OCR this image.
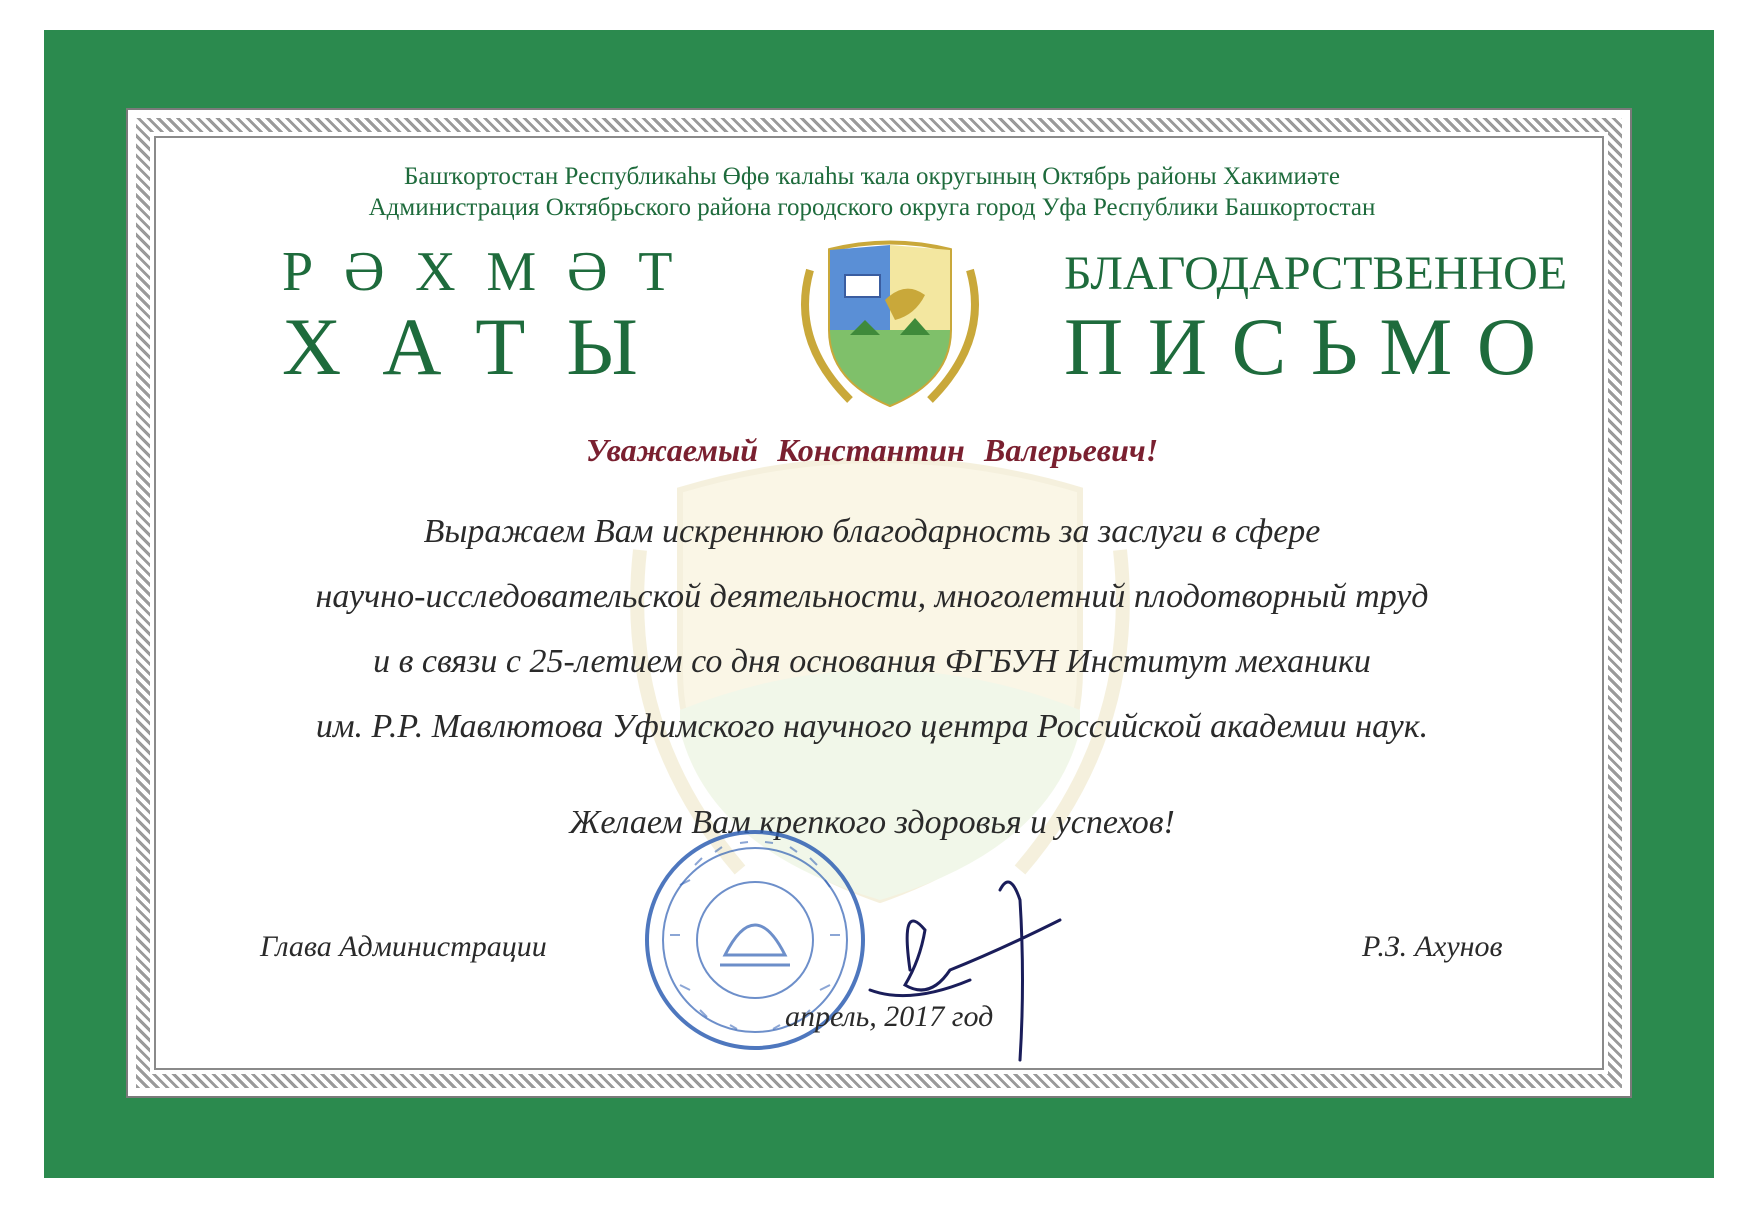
Башҡортостан Республикаһы Өфө ҡалаһы ҡала округының Октябрь районы Хакимиәте
Администрация Октябрьского района городского округа город Уфа Республики Башкортостан
РӘХМӘТ
ХАТЫ
БЛАГОДАРСТВЕННОЕ
ПИСЬМО
Уважаемый Константин Валерьевич!
Выражаем Вам искреннюю благодарность за заслуги в сфере
научно-исследовательской деятельности, многолетний плодотворный труд
и в связи с 25-летием со дня основания ФГБУН Институт механики
им. Р.Р. Мавлютова Уфимского научного центра Российской академии наук.
Желаем Вам крепкого здоровья и успехов!
Глава Администрации	Р.З. Ахунов
апрель, 2017 год
